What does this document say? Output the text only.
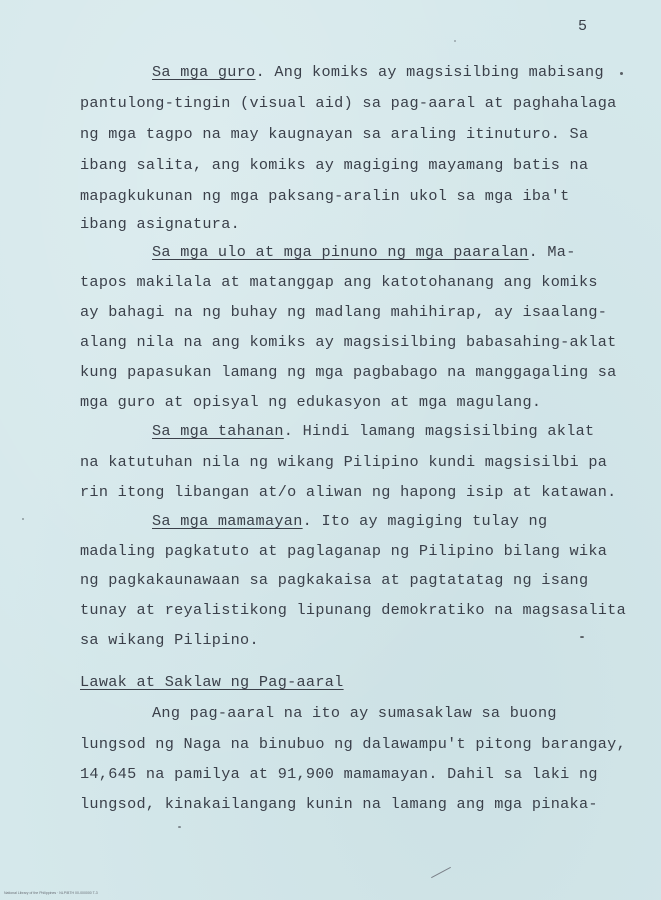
5
Sa mga guro. Ang komiks ay magsisilbing mabisang
pantulong-tingin (visual aid) sa pag-aaral at paghahalaga
ng mga tagpo na may kaugnayan sa araling itinuturo. Sa
ibang salita, ang komiks ay magiging mayamang batis na
mapagkukunan ng mga paksang-aralin ukol sa mga iba't
ibang asignatura.
Sa mga ulo at mga pinuno ng mga paaralan. Ma-
tapos makilala at matanggap ang katotohanang ang komiks
ay bahagi na ng buhay ng madlang mahihirap, ay isaalang-
alang nila na ang komiks ay magsisilbing babasahing-aklat
kung papasukan lamang ng mga pagbabago na manggagaling sa
mga guro at opisyal ng edukasyon at mga magulang.
Sa mga tahanan. Hindi lamang magsisilbing aklat
na katutuhan nila ng wikang Pilipino kundi magsisilbi pa
rin itong libangan at/o aliwan ng hapong isip at katawan.
Sa mga mamamayan. Ito ay magiging tulay ng
madaling pagkatuto at paglaganap ng Pilipino bilang wika
ng pagkakaunawaan sa pagkakaisa at pagtatatag ng isang
tunay at reyalistikong lipunang demokratiko na magsasalita
sa wikang Pilipino.
Lawak at Saklaw ng Pag-aaral
Ang pag-aaral na ito ay sumasaklaw sa buong
lungsod ng Naga na binubuo ng dalawampu't pitong barangay,
14,645 na pamilya at 91,900 mamamayan. Dahil sa laki ng
lungsod, kinakailangang kunin na lamang ang mga pinaka-
National Library of the Philippines · NLP/BTH 00-000000 T-3
